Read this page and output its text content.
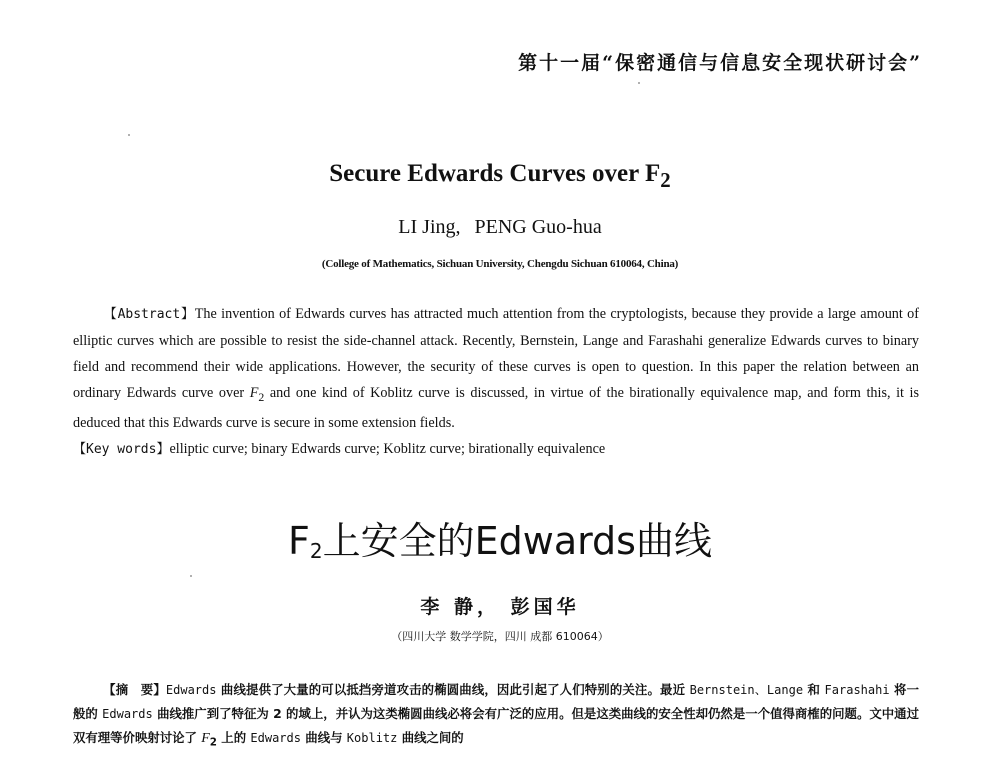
第十一届“保密通信与信息安全现状研讨会”
Secure Edwards Curves over $F_2$
LI Jing, PENG Guo-hua
(College of Mathematics, Sichuan University, Chengdu Sichuan 610064, China)
【Abstract】The invention of Edwards curves has attracted much attention from the cryptologists, because they provide a large amount of elliptic curves which are possible to resist the side-channel attack. Recently, Bernstein, Lange and Farashahi generalize Edwards curves to binary field and recommend their wide applications. However, the security of these curves is open to question. In this paper the relation between an ordinary Edwards curve over $F_2$ and one kind of Koblitz curve is discussed, in virtue of the birationally equivalence map, and form this, it is deduced that this Edwards curve is secure in some extension fields.
【Key words】elliptic curve; binary Edwards curve; Koblitz curve; birationally equivalence
$F_2$上安全的Edwards曲线
李 静， 彭国华
（四川大学 数学学院，四川 成都 610064）
【摘　要】Edwards 曲线提供了大量的可以抵挡旁道攻击的椭圆曲线，因此引起了人们特别的关注。最近 Bernstein、Lange 和 Farashahi 将一般的 Edwards 曲线推广到了特征为 2 的域上，并认为这类椭圆曲线必将会有广泛的应用。但是这类曲线的安全性却仍然是一个值得商榷的问题。文中通过双有理等价映射讨论了 $F_2$ 上的 Edwards 曲线与 Koblitz 曲线之间的
